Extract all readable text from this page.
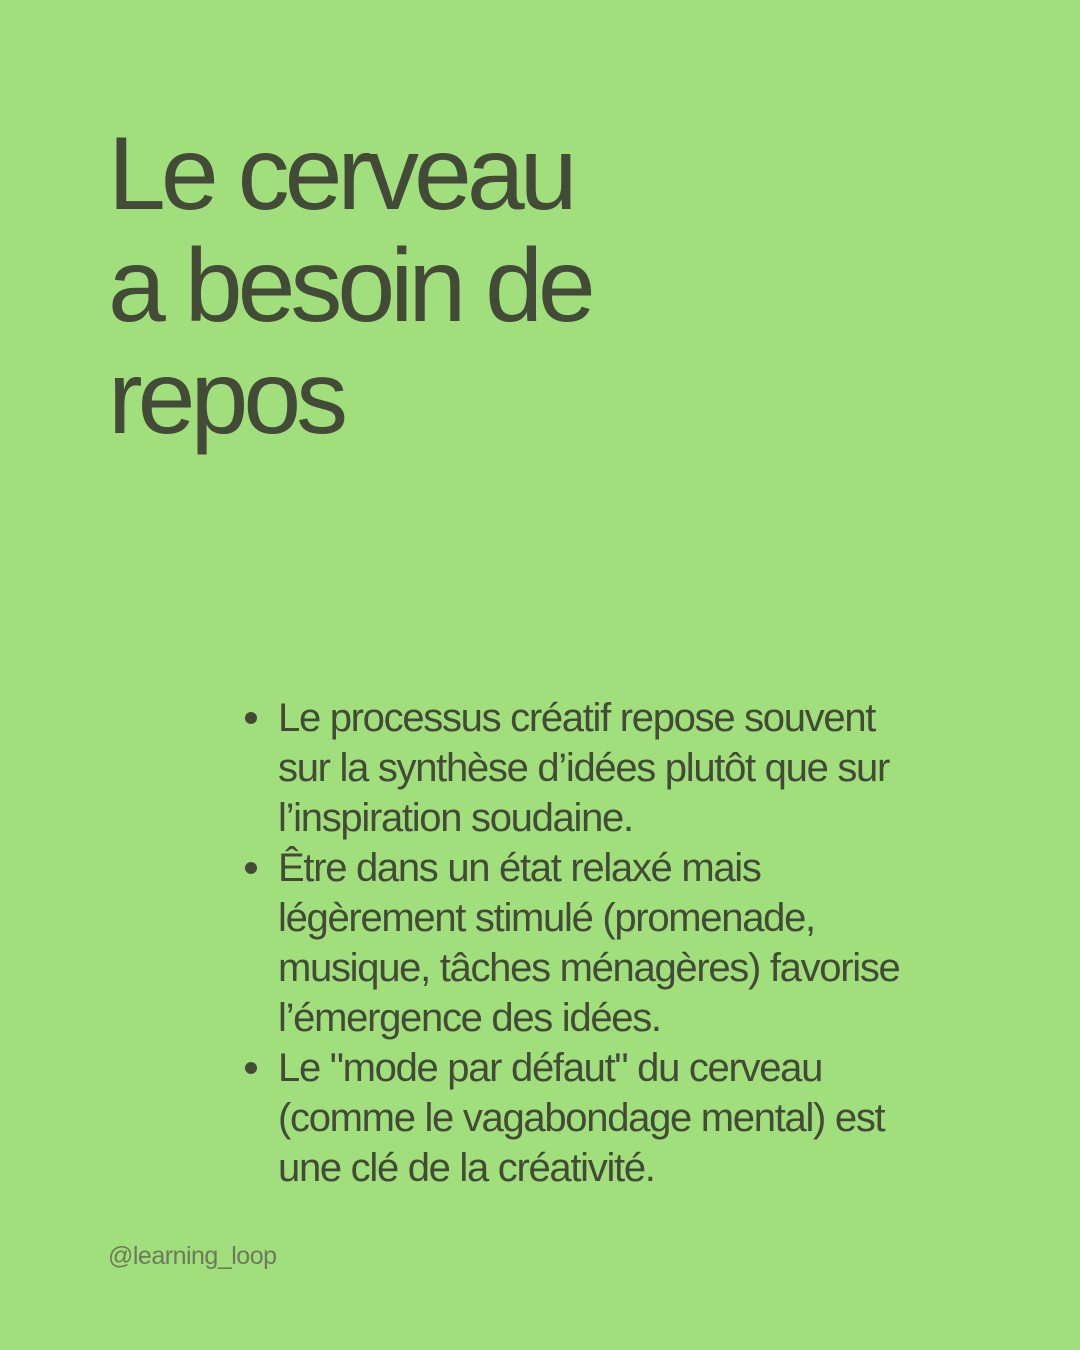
Le cerveau
a besoin de
repos
Le processus créatif repose souvent
sur la synthèse d’idées plutôt que sur
l’inspiration soudaine.
Être dans un état relaxé mais
légèrement stimulé (promenade,
musique, tâches ménagères) favorise
l’émergence des idées.
Le "mode par défaut" du cerveau
(comme le vagabondage mental) est
une clé de la créativité.
@learning_loop
